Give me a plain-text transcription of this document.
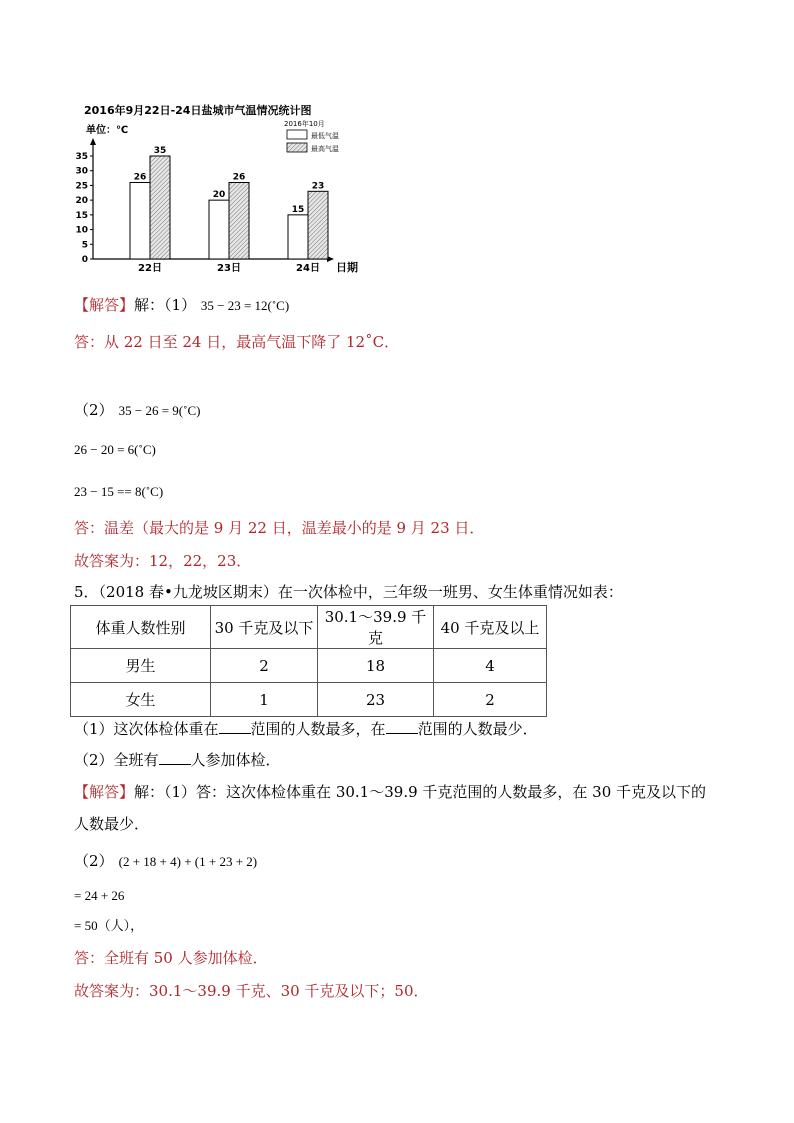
2016年9月22日-24日盐城市气温情况统计图
2016年10月
单位：℃	最低气温
最高气温
0
5
10
15
20
25
30
35
22日	23日	24日
26
35
20
26
15
23
日期
【解答】解：（1） 35 − 23 = 12(˚C)
答：从 22 日至 24 日，最高气温下降了 12˚C．
（2） 35 − 26 = 9(˚C)
26 − 20 = 6(˚C)
23 − 15 == 8(˚C)
答：温差（最大的是 9 月 22 日，温差最小的是 9 月 23 日．
故答案为：12，22，23．
5．（2018 春•九龙坡区期末）在一次体检中，三年级一班男、女生体重情况如表：
体重人数性别	30 千克及以下	30.1～39.9 千克	40 千克及以上
男生	2	18	4
女生	1	23	2
（1）这次体检体重在 范围的人数最多，在 范围的人数最少．
（2）全班有 人参加体检．
【解答】解：（1）答：这次体检体重在 30.1～39.9 千克范围的人数最多，在 30 千克及以下的
人数最少．
（2） (2 + 18 + 4) + (1 + 23 + 2)
= 24 + 26
= 50（人），
答：全班有 50 人参加体检．
故答案为：30.1～39.9 千克、30 千克及以下；50．
